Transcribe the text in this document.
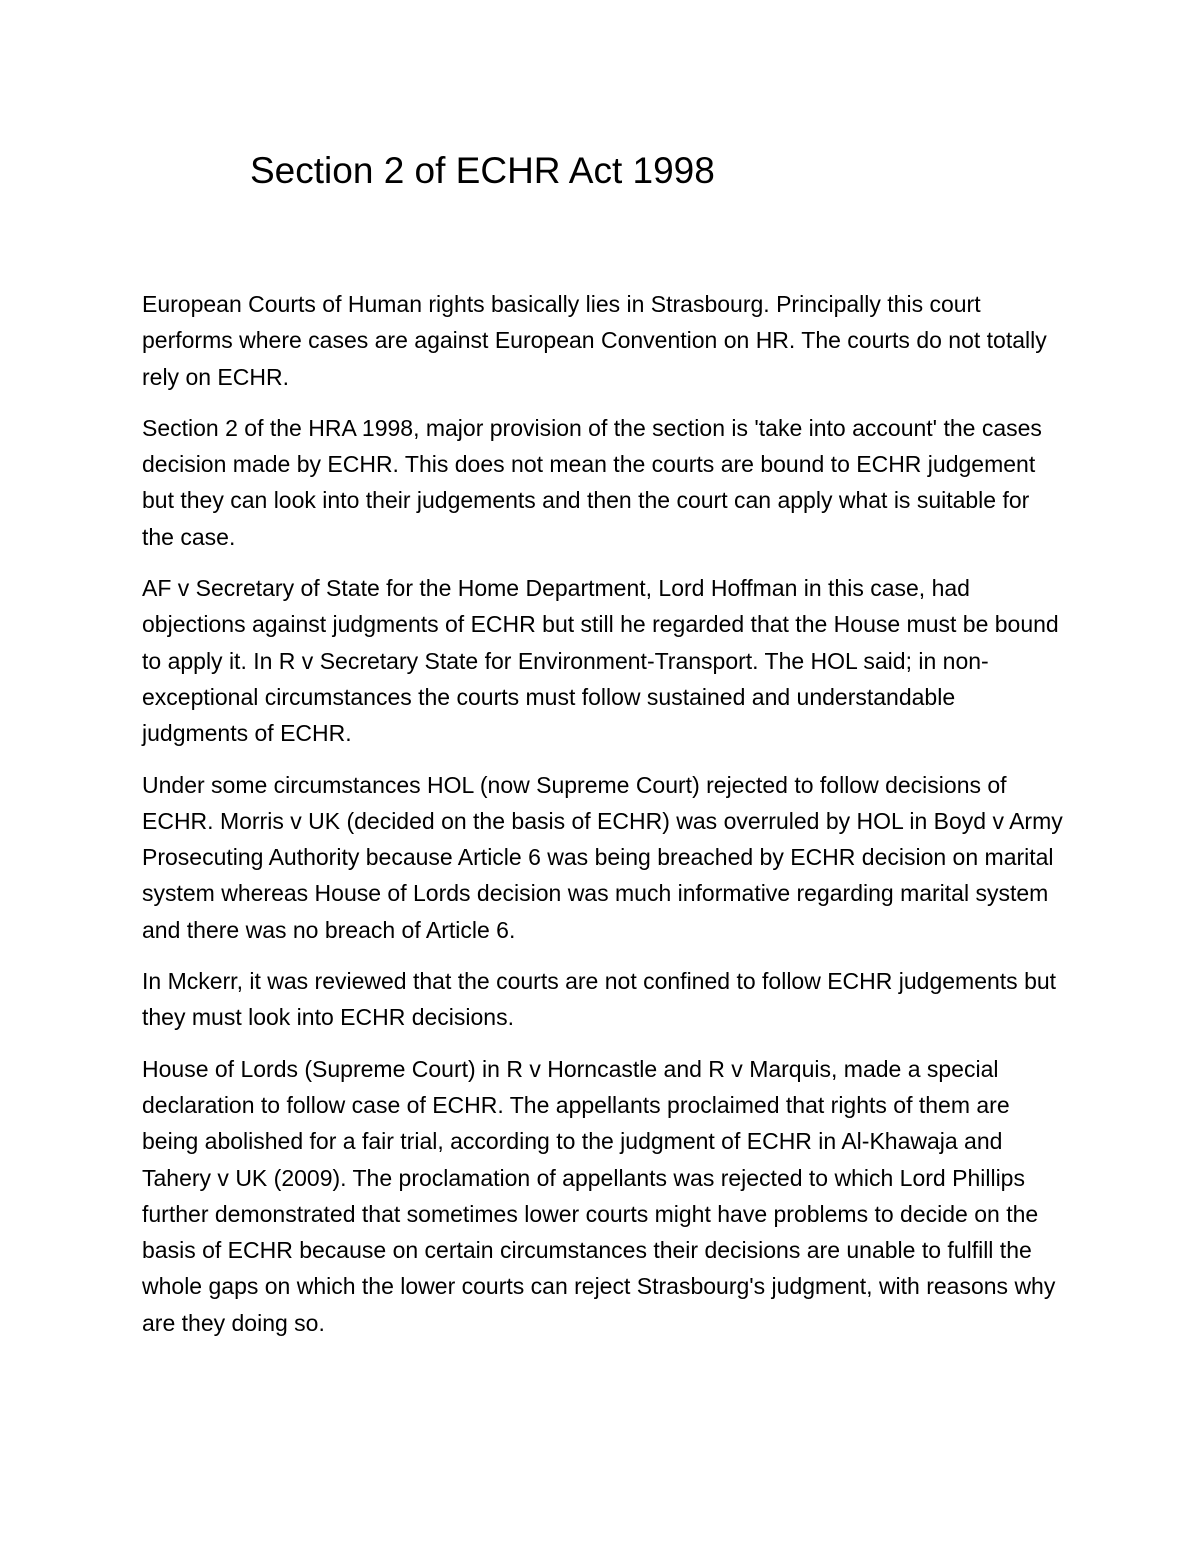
Section 2 of ECHR Act 1998

European Courts of Human rights basically lies in Strasbourg. Principally this court performs where cases are against European Convention on HR. The courts do not totally rely on ECHR.

Section 2 of the HRA 1998, major provision of the section is 'take into account' the cases decision made by ECHR. This does not mean the courts are bound to ECHR judgement but they can look into their judgements and then the court can apply what is suitable for the case.

AF v Secretary of State for the Home Department, Lord Hoffman in this case, had objections against judgments of ECHR but still he regarded that the House must be bound to apply it. In R v Secretary State for Environment-Transport. The HOL said; in non-exceptional circumstances the courts must follow sustained and understandable judgments of ECHR.

Under some circumstances HOL (now Supreme Court) rejected to follow decisions of ECHR. Morris v UK (decided on the basis of ECHR) was overruled by HOL in Boyd v Army Prosecuting Authority because Article 6 was being breached by ECHR decision on marital system whereas House of Lords decision was much informative regarding marital system and there was no breach of Article 6.

In Mckerr, it was reviewed that the courts are not confined to follow ECHR judgements but they must look into ECHR decisions.

House of Lords (Supreme Court) in R v Horncastle and R v Marquis, made a special declaration to follow case of ECHR. The appellants proclaimed that rights of them are being abolished for a fair trial, according to the judgment of ECHR in Al-Khawaja and Tahery v UK (2009). The proclamation of appellants was rejected to which Lord Phillips further demonstrated that sometimes lower courts might have problems to decide on the basis of ECHR because on certain circumstances their decisions are unable to fulfill the whole gaps on which the lower courts can reject Strasbourg's judgment, with reasons why are they doing so.
